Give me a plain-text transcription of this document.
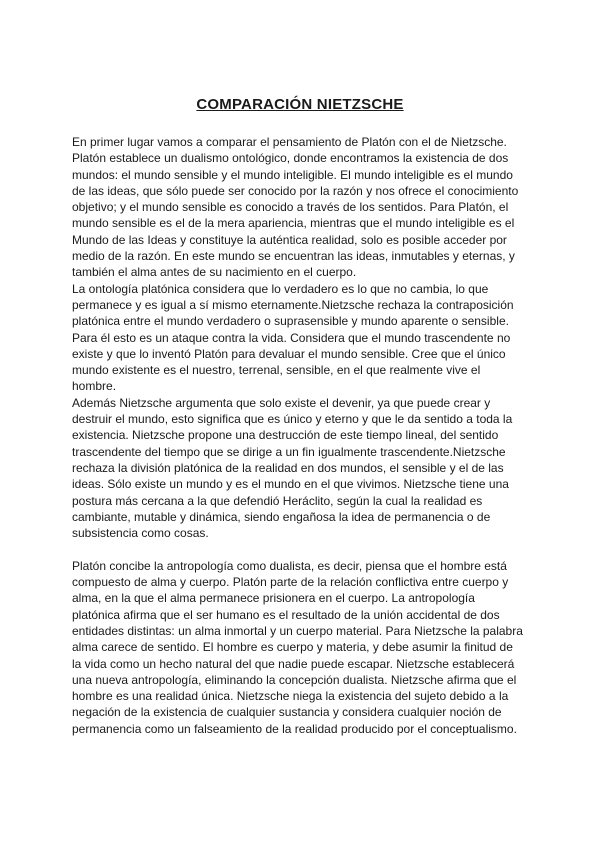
COMPARACIÓN NIETZSCHE
En primer lugar vamos a comparar el pensamiento de Platón con el de Nietzsche.
Platón establece un dualismo ontológico, donde encontramos la existencia de dos
mundos: el mundo sensible y el mundo inteligible. El mundo inteligible es el mundo
de las ideas, que sólo puede ser conocido por la razón y nos ofrece el conocimiento
objetivo; y el mundo sensible es conocido a través de los sentidos. Para Platón, el
mundo sensible es el de la mera apariencia, mientras que el mundo inteligible es el
Mundo de las Ideas y constituye la auténtica realidad, solo es posible acceder por
medio de la razón. En este mundo se encuentran las ideas, inmutables y eternas, y
también el alma antes de su nacimiento en el cuerpo.
La ontología platónica considera que lo verdadero es lo que no cambia, lo que
permanece y es igual a sí mismo eternamente.Nietzsche rechaza la contraposición
platónica entre el mundo verdadero o suprasensible y mundo aparente o sensible.
Para él esto es un ataque contra la vida. Considera que el mundo trascendente no
existe y que lo inventó Platón para devaluar el mundo sensible. Cree que el único
mundo existente es el nuestro, terrenal, sensible, en el que realmente vive el
hombre.
Además Nietzsche argumenta que solo existe el devenir, ya que puede crear y
destruir el mundo, esto significa que es único y eterno y que le da sentido a toda la
existencia. Nietzsche propone una destrucción de este tiempo lineal, del sentido
trascendente del tiempo que se dirige a un fin igualmente trascendente.Nietzsche
rechaza la división platónica de la realidad en dos mundos, el sensible y el de las
ideas. Sólo existe un mundo y es el mundo en el que vivimos. Nietzsche tiene una
postura más cercana a la que defendió Heráclito, según la cual la realidad es
cambiante, mutable y dinámica, siendo engañosa la idea de permanencia o de
subsistencia como cosas.
Platón concibe la antropología como dualista, es decir, piensa que el hombre está
compuesto de alma y cuerpo. Platón parte de la relación conflictiva entre cuerpo y
alma, en la que el alma permanece prisionera en el cuerpo. La antropología
platónica afirma que el ser humano es el resultado de la unión accidental de dos
entidades distintas: un alma inmortal y un cuerpo material. Para Nietzsche la palabra
alma carece de sentido. El hombre es cuerpo y materia, y debe asumir la finitud de
la vida como un hecho natural del que nadie puede escapar. Nietzsche establecerá
una nueva antropología, eliminando la concepción dualista. Nietzsche afirma que el
hombre es una realidad única. Nietzsche niega la existencia del sujeto debido a la
negación de la existencia de cualquier sustancia y considera cualquier noción de
permanencia como un falseamiento de la realidad producido por el conceptualismo.
